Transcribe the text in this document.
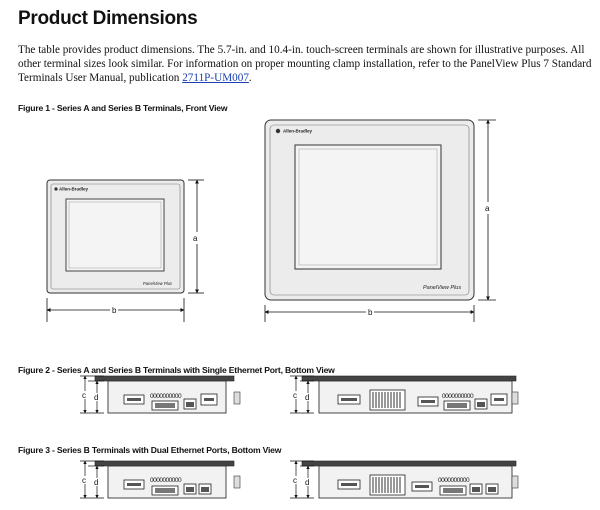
Product Dimensions
The table provides product dimensions. The 5.7-in. and 10.4-in. touch-screen terminals are shown for illustrative purposes. All other terminal sizes look similar. For information on proper mounting clamp installation, refer to the PanelView Plus 7 Standard Terminals User Manual, publication 2711P-UM007.
Figure 1 - Series A and Series B Terminals, Front View
Figure 2 - Series A and Series B Terminals with Single Ethernet Port, Bottom View
Figure 3 - Series B Terminals with Dual Ethernet Ports, Bottom View
Allen-Bradley
PanelView Plus
b
a
Allen-Bradley
PanelView Plus
b
a
0000000000
c d	0000000000
c d
0000000000
c d	0000000000
c d
